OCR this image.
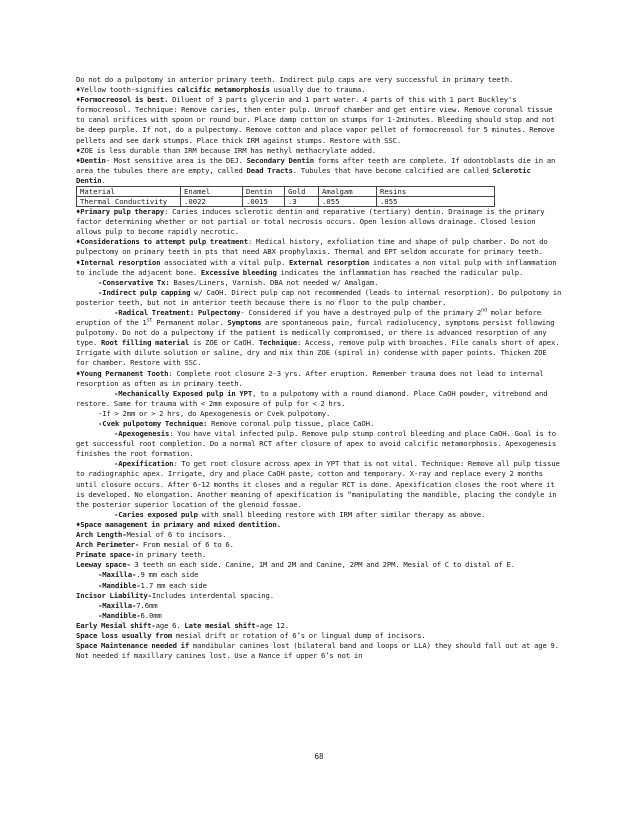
Do not do a pulpotomy in anterior primary teeth. Indirect pulp caps are very successful in primary teeth.

♦ Yellow tooth-signifies calcific metamorphosis usually due to trauma.

♦ Formocreosol is best. Diluent of 3 parts glycerin and 1 part water. 4 parts of this with 1 part Buckley's formocreosol. Technique: Remove caries, then enter pulp. Unroof chamber and get entire view. Remove coronal tissue to canal orifices with spoon or round bur. Place damp cotton on stumps for 1-2minutes. Bleeding should stop and not be deep purple. If not, do a pulpectomy. Remove cotton and place vapor pellet of formocreosol for 5 minutes. Remove pellets and see dark stumps. Place thick IRM against stumps. Restore with SSC.

♦ ZOE is less durable than IRM because IRM has methyl methacrylate added.

♦ Dentin- Most sensitive area is the DEJ. Secondary Dentin forms after teeth are complete. If odontoblasts die in an area the tubules there are empty, called Dead Tracts. Tubules that have become calcified are called Sclerotic Dentin.

Material	Enamel	Dentin	Gold	Amalgam	Resins
Thermal Conductivity	.0022	.0015	.3	.055	.055

♦ Primary pulp therapy: Caries induces sclerotic dentin and reparative (tertiary) dentin. Drainage is the primary factor determining whether or not partial or total necrosis occurs. Open lesion allows drainage. Closed lesion allows pulp to become rapidly necrotic.

♦ Considerations to attempt pulp treatment: Medical history, exfoliation time and shape of pulp chamber. Do not do pulpectomy on primary teeth in pts that need ABX prophylaxis. Thermal and EPT seldom accurate for primary teeth.

♦ Internal resorption associated with a vital pulp. External resorption indicates a non vital pulp with inflammation to include the adjacent bone. Excessive bleeding indicates the inflammation has reached the radicular pulp.

-Conservative Tx: Bases/Liners, Varnish. DBA not needed w/ Amalgam.

-Indirect pulp capping w/ CaOH. Direct pulp cap not recommended (leads to internal resorption). Do pulpotomy in posterior teeth, but not in anterior teeth because there is no floor to the pulp chamber.

-Radical Treatment: Pulpectomy- Considered if you have a destroyed pulp of the primary 2nd molar before eruption of the 1st Permanent molar. Symptoms are spontaneous pain, furcal radiolucency, symptoms persist following pulpotomy. Do not do a pulpectomy if the patient is medically compromised, or there is advanced resorption of any type. Root filling material is ZOE or CaOH. Technique: Access, remove pulp with broaches. File canals short of apex. Irrigate with dilute solution or saline, dry and mix thin ZOE (spiral in) condense with paper points. Thicken ZOE for chamber. Restore with SSC.

♦ Young Permanent Tooth: Complete root closure 2-3 yrs. After eruption. Remember trauma does not lead to internal resorption as often as in primary teeth.

-Mechanically Exposed pulp in YPT, to a pulpotomy with a round diamond. Place CaOH powder, vitrebond and restore. Same for trauma with < 2mm exposure of pulp for < 2 hrs.

-If > 2mm or > 2 hrs, do Apexogenesis or Cvek pulpotomy.

-Cvek pulpotomy Technique: Remove coronal pulp tissue, place CaOH.

-Apexogenesis: You have vital infected pulp. Remove pulp stump control bleeding and place CaOH. Goal is to get successful root completion. Do a normal RCT after closure of apex to avoid calcific metamorphosis. Apexogenesis finishes the root formation.

-Apexification: To get root closure across apex in YPT that is not vital. Technique: Remove all pulp tissue to radiographic apex. Irrigate, dry and place CaOH paste, cotton and temporary. X-ray and replace every 2 months until closure occurs. After 6-12 months it closes and a regular RCT is done. Apexification closes the root where it is developed. No elongation. Another meaning of apexification is “manipulating the mandible, placing the condyle in the posterior superior location of the glenoid fossae.

-Caries exposed pulp with small bleeding restore with IRM after similar therapy as above.

♦ Space management in primary and mixed dentition.

Arch Length-Mesial of 6 to incisors.

Arch Perimeter- From mesial of 6 to 6.

Primate space-in primary teeth.

Leeway space- 3 teeth on each side. Canine, 1M and 2M and Canine, 2PM and 2PM. Mesial of C to distal of E.

-Maxilla-.9 mm each side

-Mandible-1.7 mm each side

Incisor Liability-Includes interdental spacing.

-Maxilla-7.6mm

-Mandible-6.0mm

Early Mesial shift-age 6. Late mesial shift-age 12.

Space loss usually from mesial drift or rotation of 6’s or lingual dump of incisors.

Space Maintenance needed if mandibular canines lost (bilateral band and loops or LLA) they should fall out at age 9. Not needed if maxillary canines lost. Use a Nance if upper 6’s not in

68
